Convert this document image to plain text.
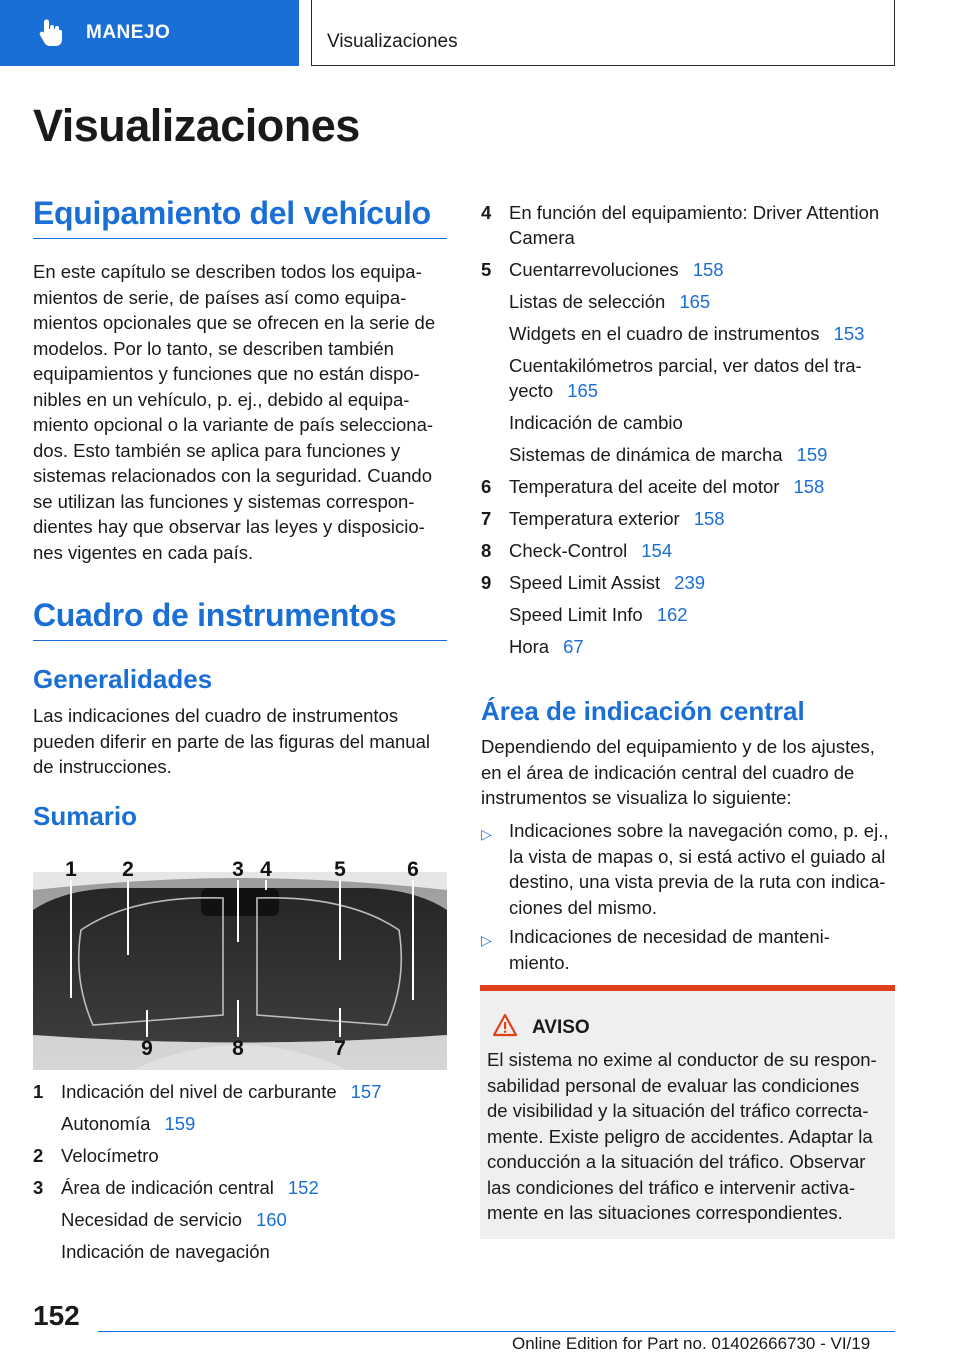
MANEJO	Visualizaciones
Visualizaciones
Equipamiento del vehículo
En este capítulo se describen todos los equipa‐
mientos de serie, de países así como equipa‐
mientos opcionales que se ofrecen en la serie de
modelos. Por lo tanto, se describen también
equipamientos y funciones que no están dispo‐
nibles en un vehículo, p. ej., debido al equipa‐
miento opcional o la variante de país selecciona‐
dos. Esto también se aplica para funciones y
sistemas relacionados con la seguridad. Cuando
se utilizan las funciones y sistemas correspon‐
dientes hay que observar las leyes y disposicio‐
nes vigentes en cada país.
Cuadro de instrumentos
Generalidades
Las indicaciones del cuadro de instrumentos
pueden diferir en parte de las figuras del manual
de instrucciones.
Sumario
1 2	3 4	5	6
9	8	7
1 Indicación del nivel de carburante 157
Autonomía 159
2 Velocímetro
3 Área de indicación central 152
Necesidad de servicio 160
Indicación de navegación
4 En función del equipamiento: Driver Attention
Camera
5 Cuentarrevoluciones 158
Listas de selección 165
Widgets en el cuadro de instrumentos 153
Cuentakilómetros parcial, ver datos del tra‐
yecto 165
Indicación de cambio
Sistemas de dinámica de marcha 159
6 Temperatura del aceite del motor 158
7 Temperatura exterior 158
8 Check-Control 154
9 Speed Limit Assist 239
Speed Limit Info 162
Hora 67
Área de indicación central
Dependiendo del equipamiento y de los ajustes,
en el área de indicación central del cuadro de
instrumentos se visualiza lo siguiente:
▷ Indicaciones sobre la navegación como, p. ej.,
la vista de mapas o, si está activo el guiado al
destino, una vista previa de la ruta con indica‐
ciones del mismo.
▷ Indicaciones de necesidad de manteni‐
miento.
AVISO
El sistema no exime al conductor de su respon‐
sabilidad personal de evaluar las condiciones
de visibilidad y la situación del tráfico correcta‐
mente. Existe peligro de accidentes. Adaptar la
conducción a la situación del tráfico. Observar
las condiciones del tráfico e intervenir activa‐
mente en las situaciones correspondientes.
152
Online Edition for Part no. 01402666730 - VI/19
